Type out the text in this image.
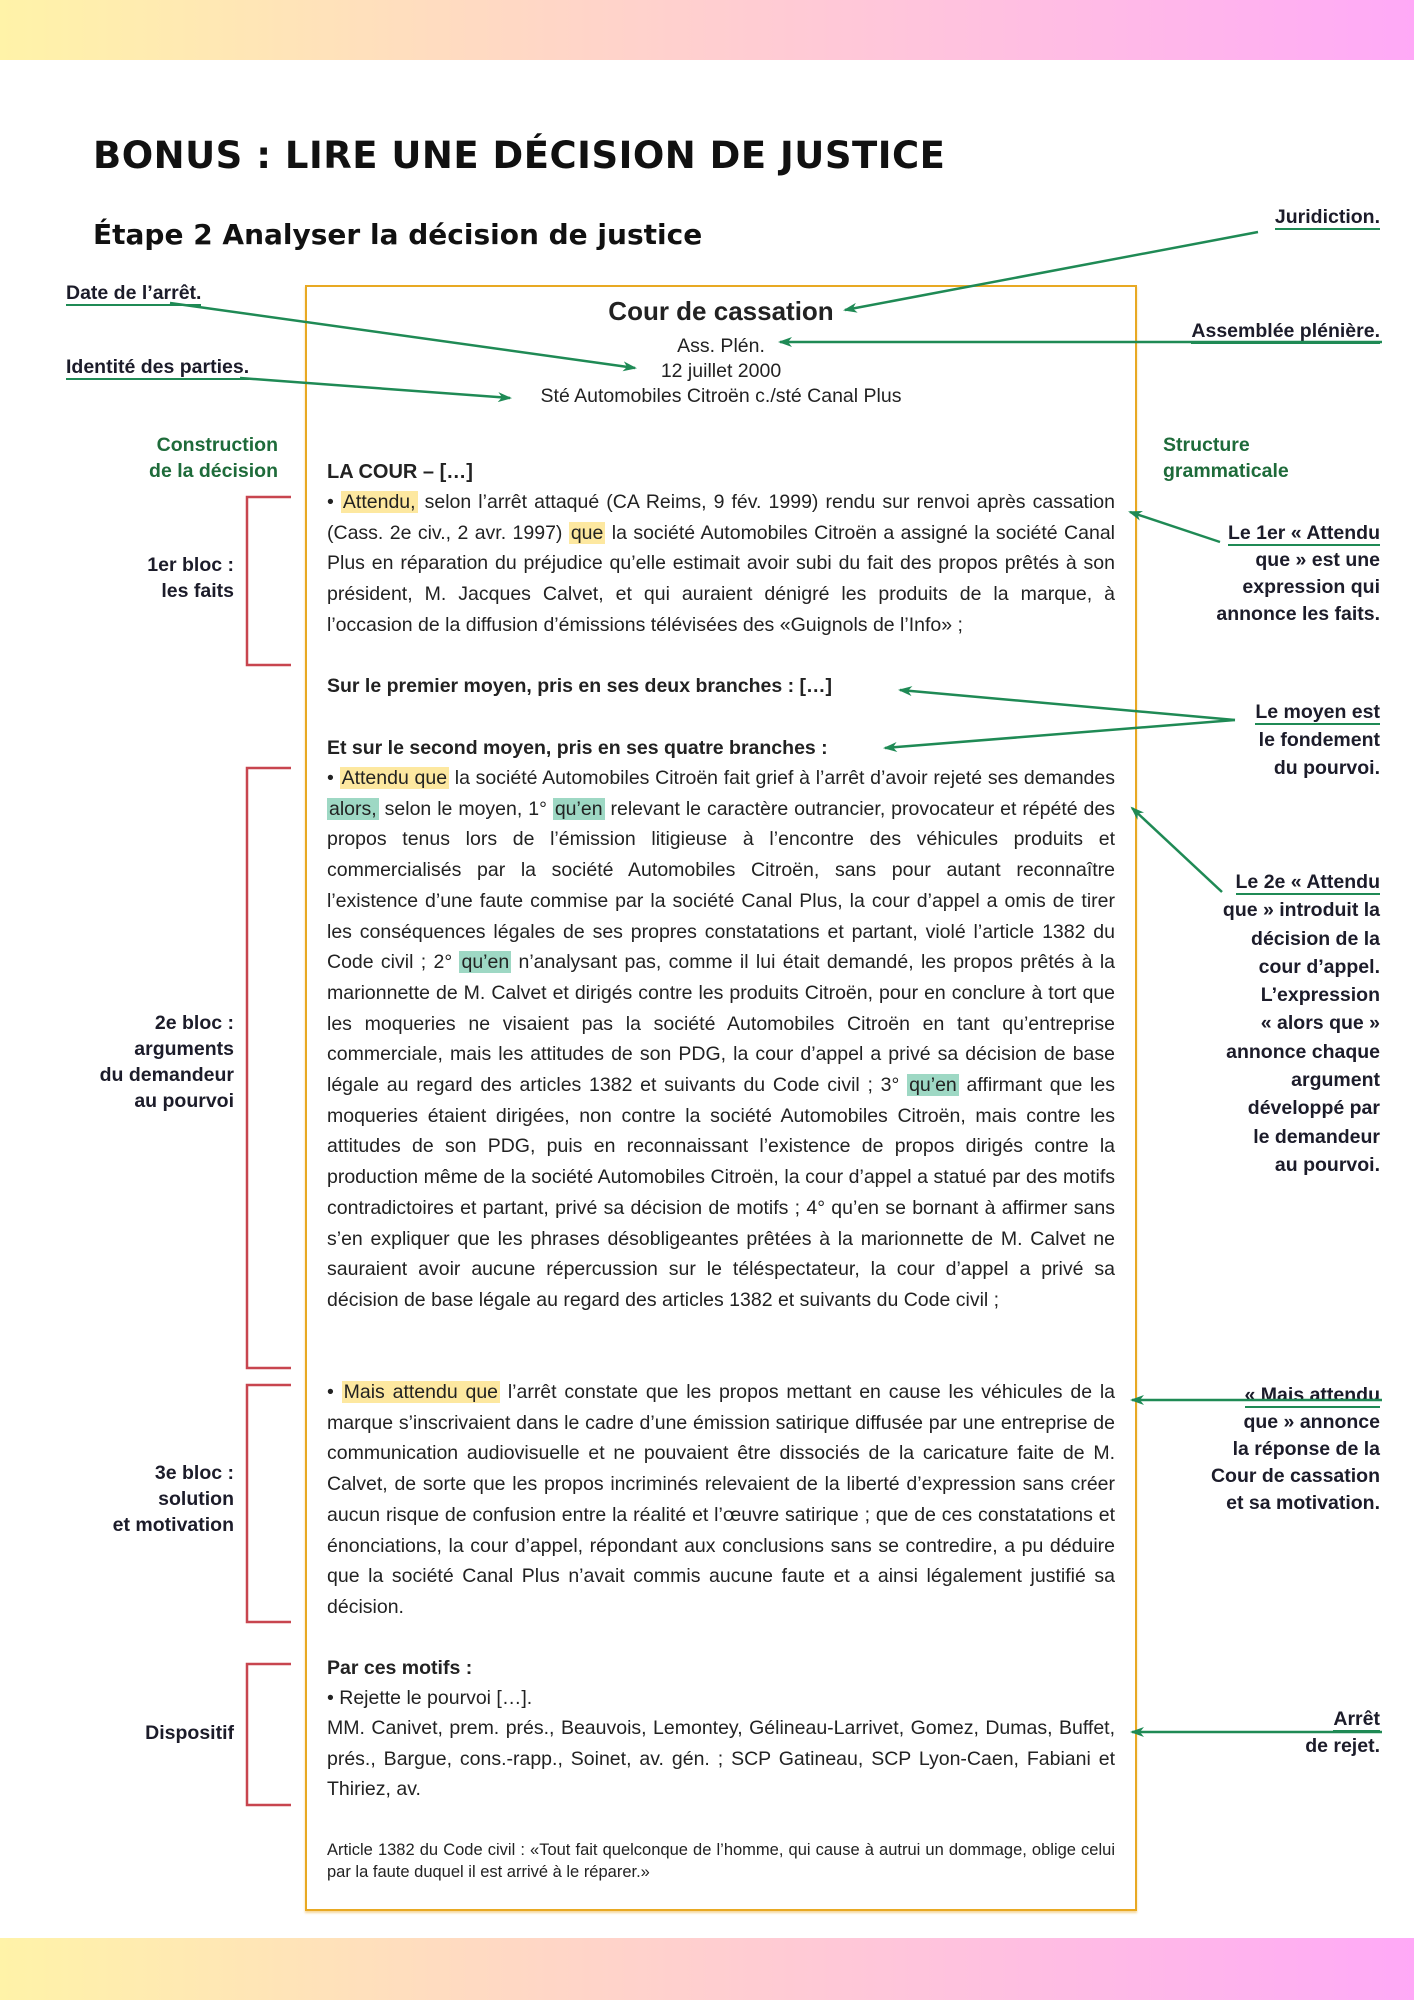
BONUS : LIRE UNE DÉCISION DE JUSTICE
Étape 2 Analyser la décision de justice
Cour de cassation
Ass. Plén.
12 juillet 2000
Sté Automobiles Citroën c./sté Canal Plus
LA COUR – […]
• Attendu, selon l’arrêt attaqué (CA Reims, 9 fév. 1999) rendu sur renvoi après cassation (Cass. 2e civ., 2 avr. 1997) que la société Automobiles Citroën a assigné la société Canal Plus en réparation du préjudice qu’elle estimait avoir subi du fait des propos prêtés à son président, M. Jacques Calvet, et qui auraient dénigré les produits de la marque, à l’occasion de la diffusion d’émissions télévisées des «Guignols de l’Info» ;
Sur le premier moyen, pris en ses deux branches : […]
Et sur le second moyen, pris en ses quatre branches :
• Attendu que la société Automobiles Citroën fait grief à l’arrêt d’avoir rejeté ses demandes alors, selon le moyen, 1° qu’en relevant le caractère outrancier, provocateur et répété des propos tenus lors de l’émission litigieuse à l’encontre des véhicules produits et commercialisés par la société Automobiles Citroën, sans pour autant reconnaître l’existence d’une faute commise par la société Canal Plus, la cour d’appel a omis de tirer les conséquences légales de ses propres constatations et partant, violé l’article 1382 du Code civil ; 2° qu’en n’analysant pas, comme il lui était demandé, les propos prêtés à la marionnette de M. Calvet et dirigés contre les produits Citroën, pour en conclure à tort que les moqueries ne visaient pas la société Automobiles Citroën en tant qu’entreprise commerciale, mais les attitudes de son PDG, la cour d’appel a privé sa décision de base légale au regard des articles 1382 et suivants du Code civil ; 3° qu’en affirmant que les moqueries étaient dirigées, non contre la société Automobiles Citroën, mais contre les attitudes de son PDG, puis en reconnaissant l’existence de propos dirigés contre la production même de la société Automobiles Citroën, la cour d’appel a statué par des motifs contradictoires et partant, privé sa décision de motifs ; 4° qu’en se bornant à affirmer sans s’en expliquer que les phrases désobligeantes prêtées à la marionnette de M. Calvet ne sauraient avoir aucune répercussion sur le téléspectateur, la cour d’appel a privé sa décision de base légale au regard des articles 1382 et suivants du Code civil ;
• Mais attendu que l’arrêt constate que les propos mettant en cause les véhicules de la marque s’inscrivaient dans le cadre d’une émission satirique diffusée par une entreprise de communication audiovisuelle et ne pouvaient être dissociés de la caricature faite de M. Calvet, de sorte que les propos incriminés relevaient de la liberté d’expression sans créer aucun risque de confusion entre la réalité et l’œuvre satirique ; que de ces constatations et énonciations, la cour d’appel, répondant aux conclusions sans se contredire, a pu déduire que la société Canal Plus n’avait commis aucune faute et a ainsi légalement justifié sa décision.
Par ces motifs :
• Rejette le pourvoi […].
MM. Canivet, prem. prés., Beauvois, Lemontey, Gélineau-Larrivet, Gomez, Dumas, Buffet, prés., Bargue, cons.-rapp., Soinet, av. gén. ; SCP Gatineau, SCP Lyon-Caen, Fabiani et Thiriez, av.
Article 1382 du Code civil : «Tout fait quelconque de l’homme, qui cause à autrui un dommage, oblige celui par la faute duquel il est arrivé à le réparer.»
Date de l’arrêt.
Identité des parties.
Construction
de la décision
1er bloc :
les faits
2e bloc :
arguments
du demandeur
au pourvoi
3e bloc :
solution
et motivation
Dispositif
Juridiction.
Assemblée plénière.
Structure
grammaticale
Le 1er « Attendu
que » est une
expression qui
annonce les faits.
Le moyen est
le fondement
du pourvoi.
Le 2e « Attendu
que » introduit la
décision de la
cour d’appel.
L’expression
« alors que »
annonce chaque
argument
développé par
le demandeur
au pourvoi.
« Mais attendu
que » annonce
la réponse de la
Cour de cassation
et sa motivation.
Arrêt
de rejet.
